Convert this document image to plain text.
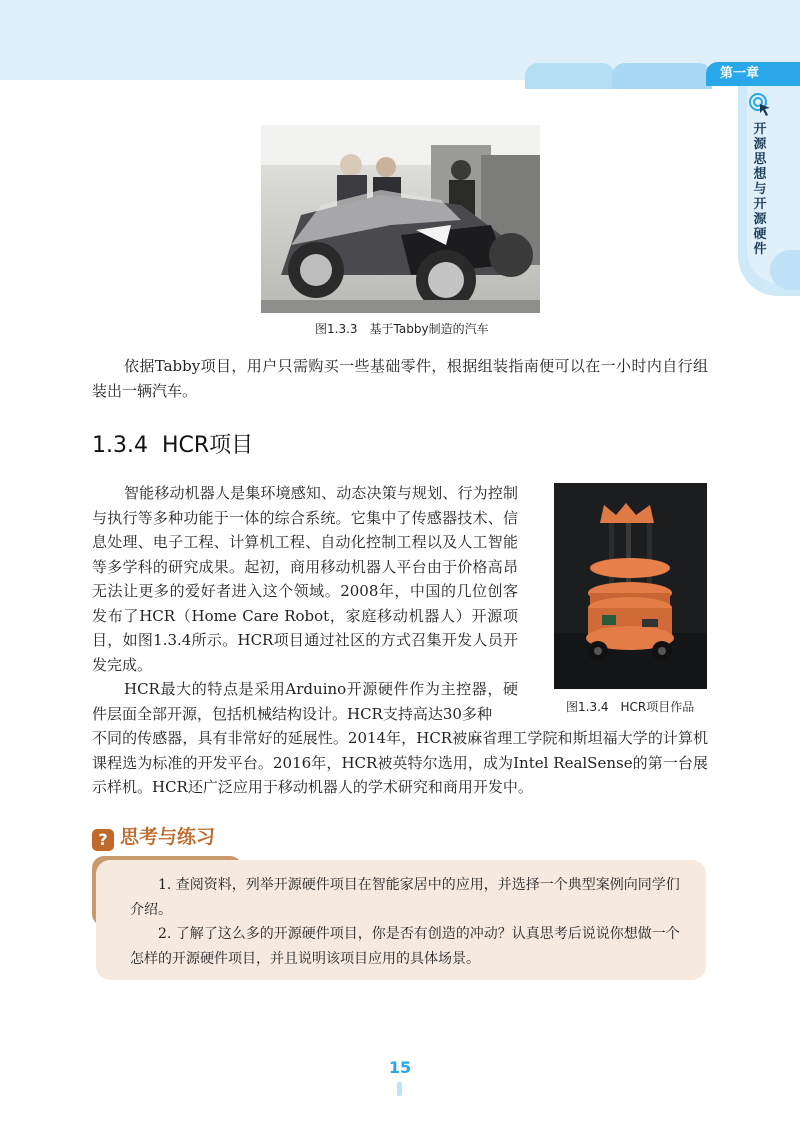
第一章
开源思想与开源硬件
图1.3.3　基于Tabby制造的汽车

依据Tabby项目，用户只需购买一些基础零件，根据组装指南便可以在一小时内自行组装出一辆汽车。

1.3.4 HCR项目
图1.3.4　HCR项目作品

智能移动机器人是集环境感知、动态决策与规划、行为控制与执行等多种功能于一体的综合系统。它集中了传感器技术、信息处理、电子工程、计算机工程、自动化控制工程以及人工智能等多学科的研究成果。起初，商用移动机器人平台由于价格高昂无法让更多的爱好者进入这个领域。2008年，中国的几位创客发布了HCR（Home Care Robot，家庭移动机器人）开源项目，如图1.3.4所示。HCR项目通过社区的方式召集开发人员开发完成。

HCR最大的特点是采用Arduino开源硬件作为主控器，硬件层面全部开源，包括机械结构设计。HCR支持高达30多种

不同的传感器，具有非常好的延展性。2014年，HCR被麻省理工学院和斯坦福大学的计算机课程选为标准的开发平台。2016年，HCR被英特尔选用，成为Intel RealSense的第一台展示样机。HCR还广泛应用于移动机器人的学术研究和商用开发中。

? 思考与练习

1. 查阅资料，列举开源硬件项目在智能家居中的应用，并选择一个典型案例向同学们介绍。

2. 了解了这么多的开源硬件项目，你是否有创造的冲动？认真思考后说说你想做一个怎样的开源硬件项目，并且说明该项目应用的具体场景。

15
